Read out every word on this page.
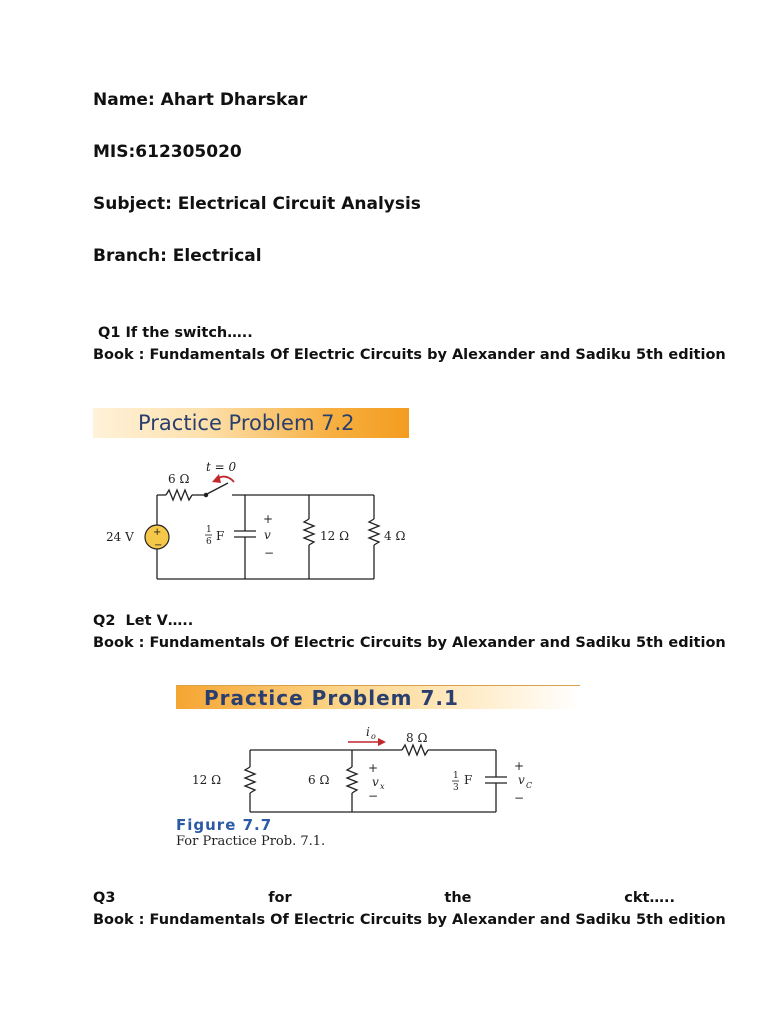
Name: Ahart Dharskar
MIS:612305020
Subject: Electrical Circuit Analysis
Branch: Electrical
Q1 If the switch…..
Book : Fundamentals Of Electric Circuits by Alexander and Sadiku 5th edition
Practice Problem 7.2
+
−
6 Ω
t = 0
24 V	1
6 F
+
v
−
12 Ω	4 Ω
Q2  Let V…..
Book : Fundamentals Of Electric Circuits by Alexander and Sadiku 5th edition
Practice Problem 7.1
i o	8 Ω
12 Ω	6 Ω
+
v x
−
1
3
F
+
v C
−
Figure 7.7
For Practice Prob. 7.1.
Q3	for	the	ckt…..
Book : Fundamentals Of Electric Circuits by Alexander and Sadiku 5th edition
